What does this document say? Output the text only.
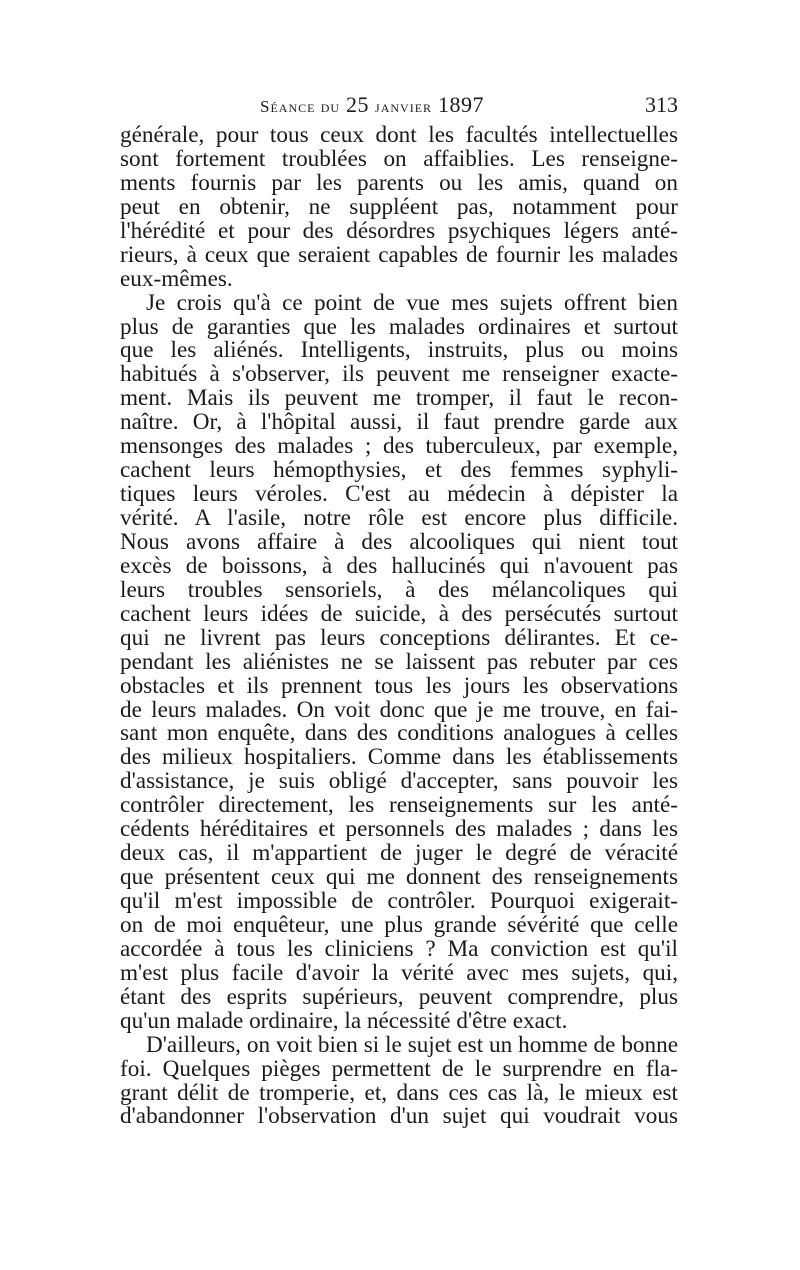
Séance du 25 janvier 1897	313
générale, pour tous ceux dont les facultés intellectuelles
sont fortement troublées on affaiblies. Les renseigne-
ments fournis par les parents ou les amis, quand on
peut en obtenir, ne suppléent pas, notamment pour
l'hérédité et pour des désordres psychiques légers anté-
rieurs, à ceux que seraient capables de fournir les malades
eux-mêmes.
Je crois qu'à ce point de vue mes sujets offrent bien
plus de garanties que les malades ordinaires et surtout
que les aliénés. Intelligents, instruits, plus ou moins
habitués à s'observer, ils peuvent me renseigner exacte-
ment. Mais ils peuvent me tromper, il faut le recon-
naître. Or, à l'hôpital aussi, il faut prendre garde aux
mensonges des malades ; des tuberculeux, par exemple,
cachent leurs hémopthysies, et des femmes syphyli-
tiques leurs véroles. C'est au médecin à dépister la
vérité. A l'asile, notre rôle est encore plus difficile.
Nous avons affaire à des alcooliques qui nient tout
excès de boissons, à des hallucinés qui n'avouent pas
leurs troubles sensoriels, à des mélancoliques qui
cachent leurs idées de suicide, à des persécutés surtout
qui ne livrent pas leurs conceptions délirantes. Et ce-
pendant les aliénistes ne se laissent pas rebuter par ces
obstacles et ils prennent tous les jours les observations
de leurs malades. On voit donc que je me trouve, en fai-
sant mon enquête, dans des conditions analogues à celles
des milieux hospitaliers. Comme dans les établissements
d'assistance, je suis obligé d'accepter, sans pouvoir les
contrôler directement, les renseignements sur les anté-
cédents héréditaires et personnels des malades ; dans les
deux cas, il m'appartient de juger le degré de véracité
que présentent ceux qui me donnent des renseignements
qu'il m'est impossible de contrôler. Pourquoi exigerait-
on de moi enquêteur, une plus grande sévérité que celle
accordée à tous les cliniciens ? Ma conviction est qu'il
m'est plus facile d'avoir la vérité avec mes sujets, qui,
étant des esprits supérieurs, peuvent comprendre, plus
qu'un malade ordinaire, la nécessité d'être exact.
D'ailleurs, on voit bien si le sujet est un homme de bonne
foi. Quelques pièges permettent de le surprendre en fla-
grant délit de tromperie, et, dans ces cas là, le mieux est
d'abandonner l'observation d'un sujet qui voudrait vous
